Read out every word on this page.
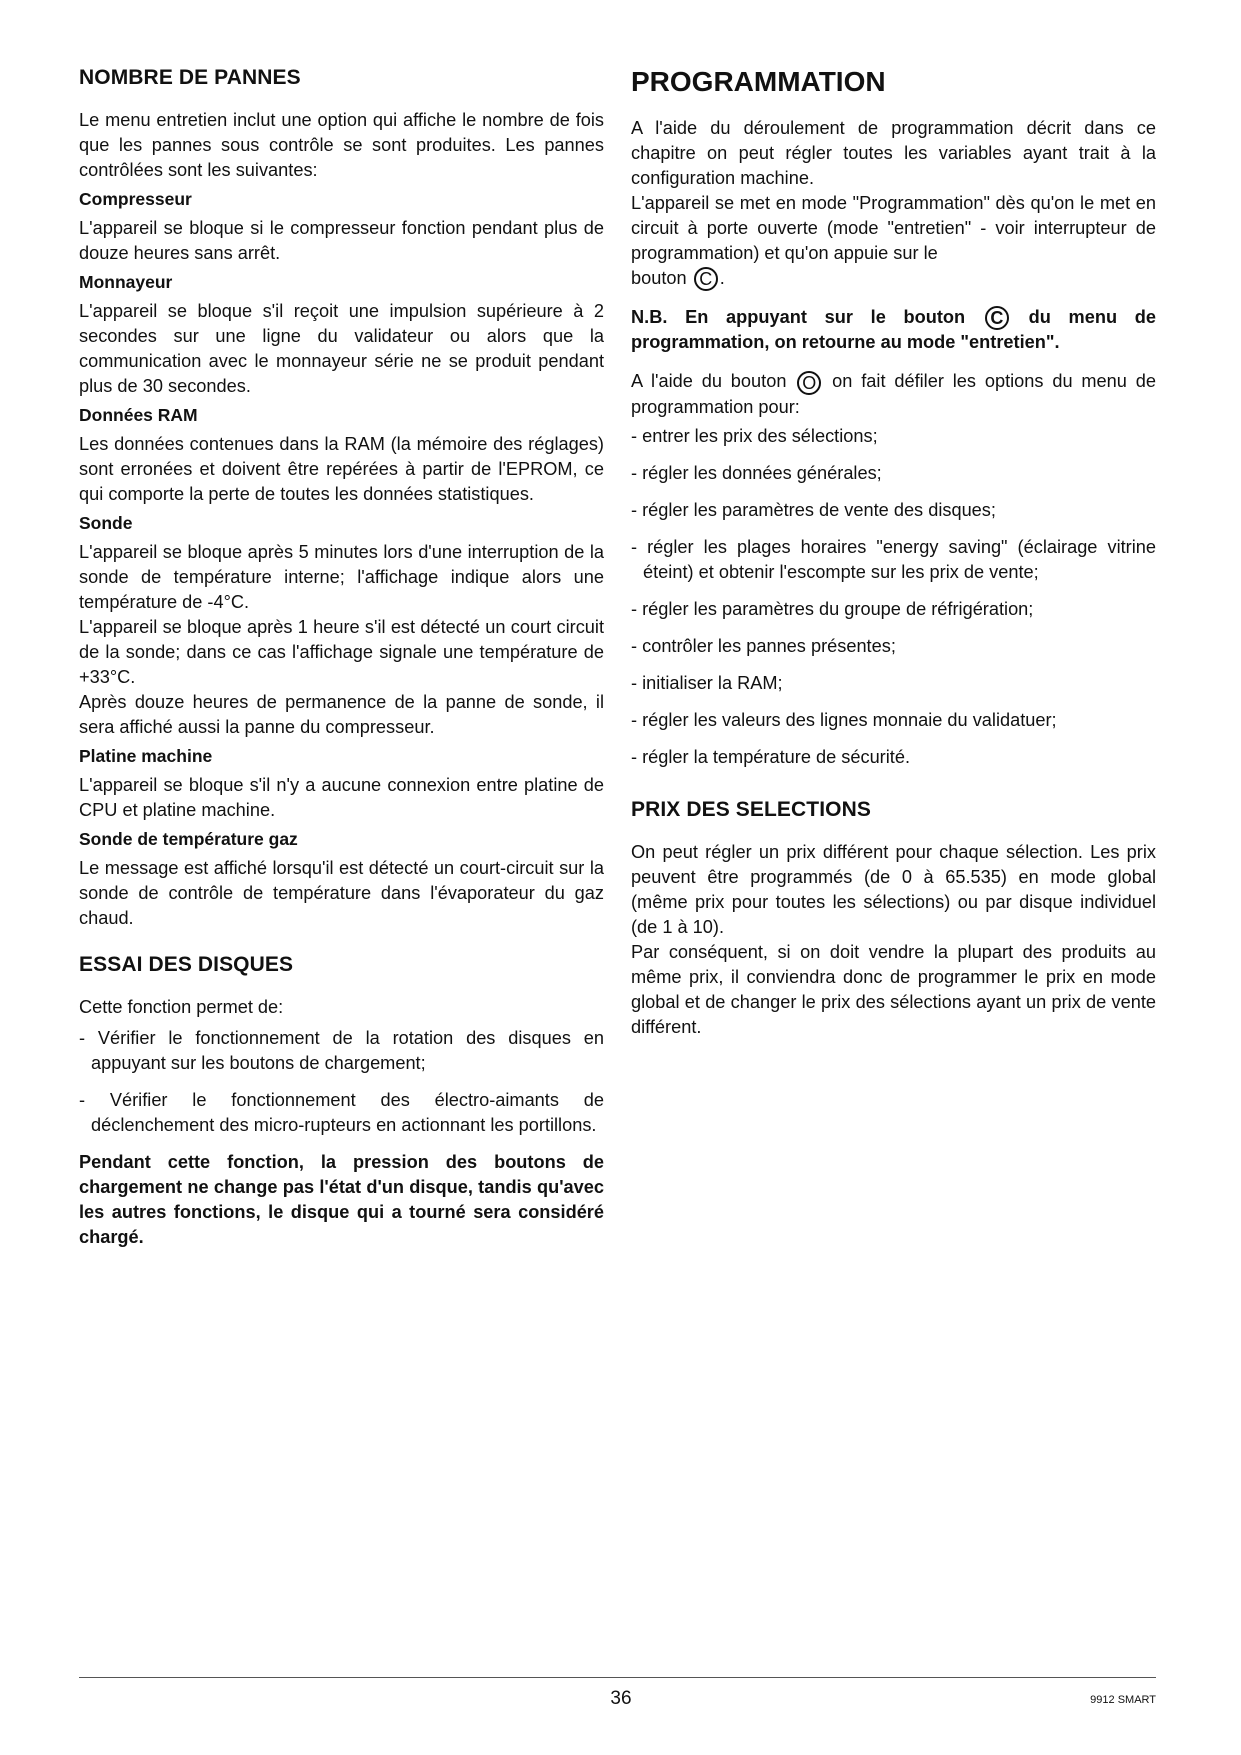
NOMBRE DE PANNES

Le menu entretien inclut une option qui affiche le nombre de fois que les pannes sous contrôle se sont produites. Les pannes contrôlées sont les suivantes:

Compresseur

L'appareil se bloque si le compresseur fonction pendant plus de douze heures sans arrêt.

Monnayeur

L'appareil se bloque s'il reçoit une impulsion supérieure à 2 secondes sur une ligne du validateur ou alors que la communication avec le monnayeur série ne se produit pendant plus de 30 secondes.

Données RAM

Les données contenues dans la RAM (la mémoire des réglages) sont erronées et doivent être repérées à partir de l'EPROM, ce qui comporte la perte de toutes les données statistiques.

Sonde

L'appareil se bloque après 5 minutes lors d'une interruption de la sonde de température interne; l'affichage indique alors une température de -4°C.

L'appareil se bloque après 1 heure s'il est détecté un court circuit de la sonde; dans ce cas l'affichage signale une température de +33°C.

Après douze heures de permanence de la panne de sonde, il sera affiché aussi la panne du compresseur.

Platine machine

L'appareil se bloque s'il n'y a aucune connexion entre platine de CPU et platine machine.

Sonde de température gaz

Le message est affiché lorsqu'il est détecté un court-circuit sur la sonde de contrôle de température dans l'évaporateur du gaz chaud.

ESSAI DES DISQUES

Cette fonction permet de:

- Vérifier le fonctionnement de la rotation des disques en appuyant sur les boutons de chargement;
- Vérifier le fonctionnement des électro-aimants de déclenchement des micro-rupteurs en actionnant les portillons.

Pendant cette fonction, la pression des boutons de chargement ne change pas l'état d'un disque, tandis qu'avec les autres fonctions, le disque qui a tourné sera considéré chargé.

PROGRAMMATION

A l'aide du déroulement de programmation décrit dans ce chapitre on peut régler toutes les variables ayant trait à la configuration machine.

L'appareil se met en mode "Programmation" dès qu'on le met en circuit à porte ouverte (mode "entretien" - voir interrupteur de programmation) et qu'on appuie sur le

bouton C .

N.B. En appuyant sur le bouton C du menu de programmation, on retourne au mode "entretien".

A l'aide du bouton O on fait défiler les options du menu de programmation pour:

- entrer les prix des sélections;
- régler les données générales;
- régler les paramètres de vente des disques;
- régler les plages horaires "energy saving" (éclairage vitrine éteint) et obtenir l'escompte sur les prix de vente;
- régler les paramètres du groupe de réfrigération;
- contrôler les pannes présentes;
- initialiser la RAM;
- régler les valeurs des lignes monnaie du validatuer;
- régler la température de sécurité.
PRIX DES SELECTIONS

On peut régler un prix différent pour chaque sélection. Les prix peuvent être programmés (de 0 à 65.535) en mode global (même prix pour toutes les sélections) ou par disque individuel (de 1 à 10).

Par conséquent, si on doit vendre la plupart des produits au même prix, il conviendra donc de programmer le prix en mode global et de changer le prix des sélections ayant un prix de vente différent.

36	9912 SMART
